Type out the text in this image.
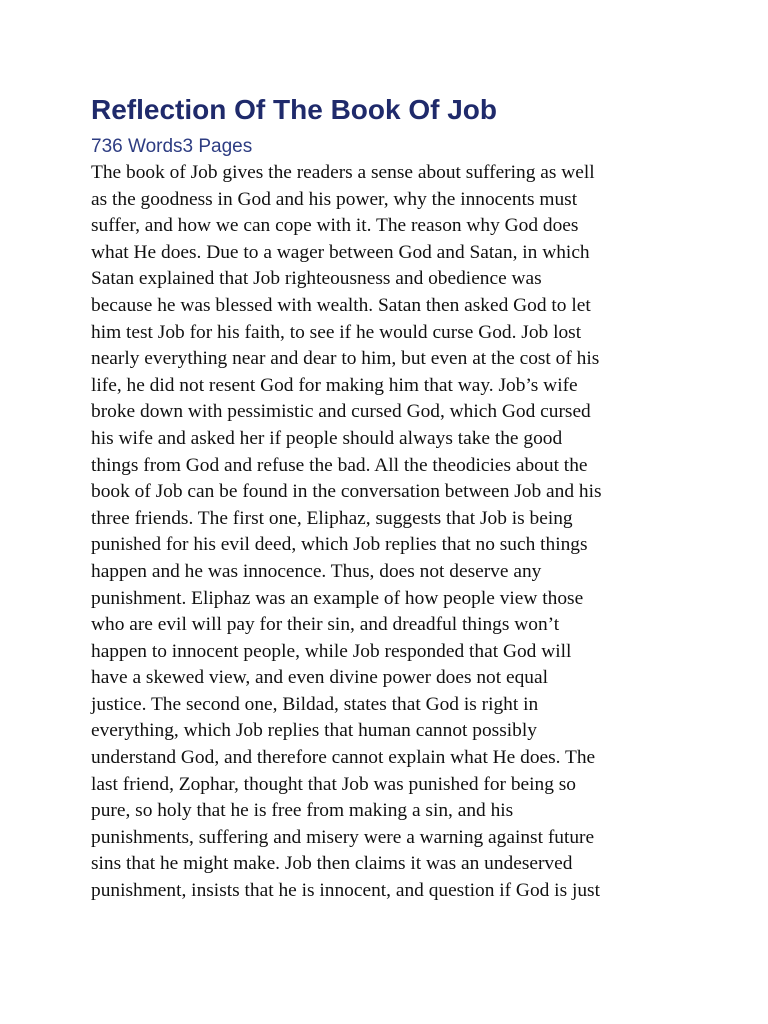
Reflection Of The Book Of Job
736 Words3 Pages
The book of Job gives the readers a sense about suffering as well
as the goodness in God and his power, why the innocents must
suffer, and how we can cope with it. The reason why God does
what He does. Due to a wager between God and Satan, in which
Satan explained that Job righteousness and obedience was
because he was blessed with wealth. Satan then asked God to let
him test Job for his faith, to see if he would curse God. Job lost
nearly everything near and dear to him, but even at the cost of his
life, he did not resent God for making him that way. Job’s wife
broke down with pessimistic and cursed God, which God cursed
his wife and asked her if people should always take the good
things from God and refuse the bad. All the theodicies about the
book of Job can be found in the conversation between Job and his
three friends. The first one, Eliphaz, suggests that Job is being
punished for his evil deed, which Job replies that no such things
happen and he was innocence. Thus, does not deserve any
punishment. Eliphaz was an example of how people view those
who are evil will pay for their sin, and dreadful things won’t
happen to innocent people, while Job responded that God will
have a skewed view, and even divine power does not equal
justice. The second one, Bildad, states that God is right in
everything, which Job replies that human cannot possibly
understand God, and therefore cannot explain what He does. The
last friend, Zophar, thought that Job was punished for being so
pure, so holy that he is free from making a sin, and his
punishments, suffering and misery were a warning against future
sins that he might make. Job then claims it was an undeserved
punishment, insists that he is innocent, and question if God is just
